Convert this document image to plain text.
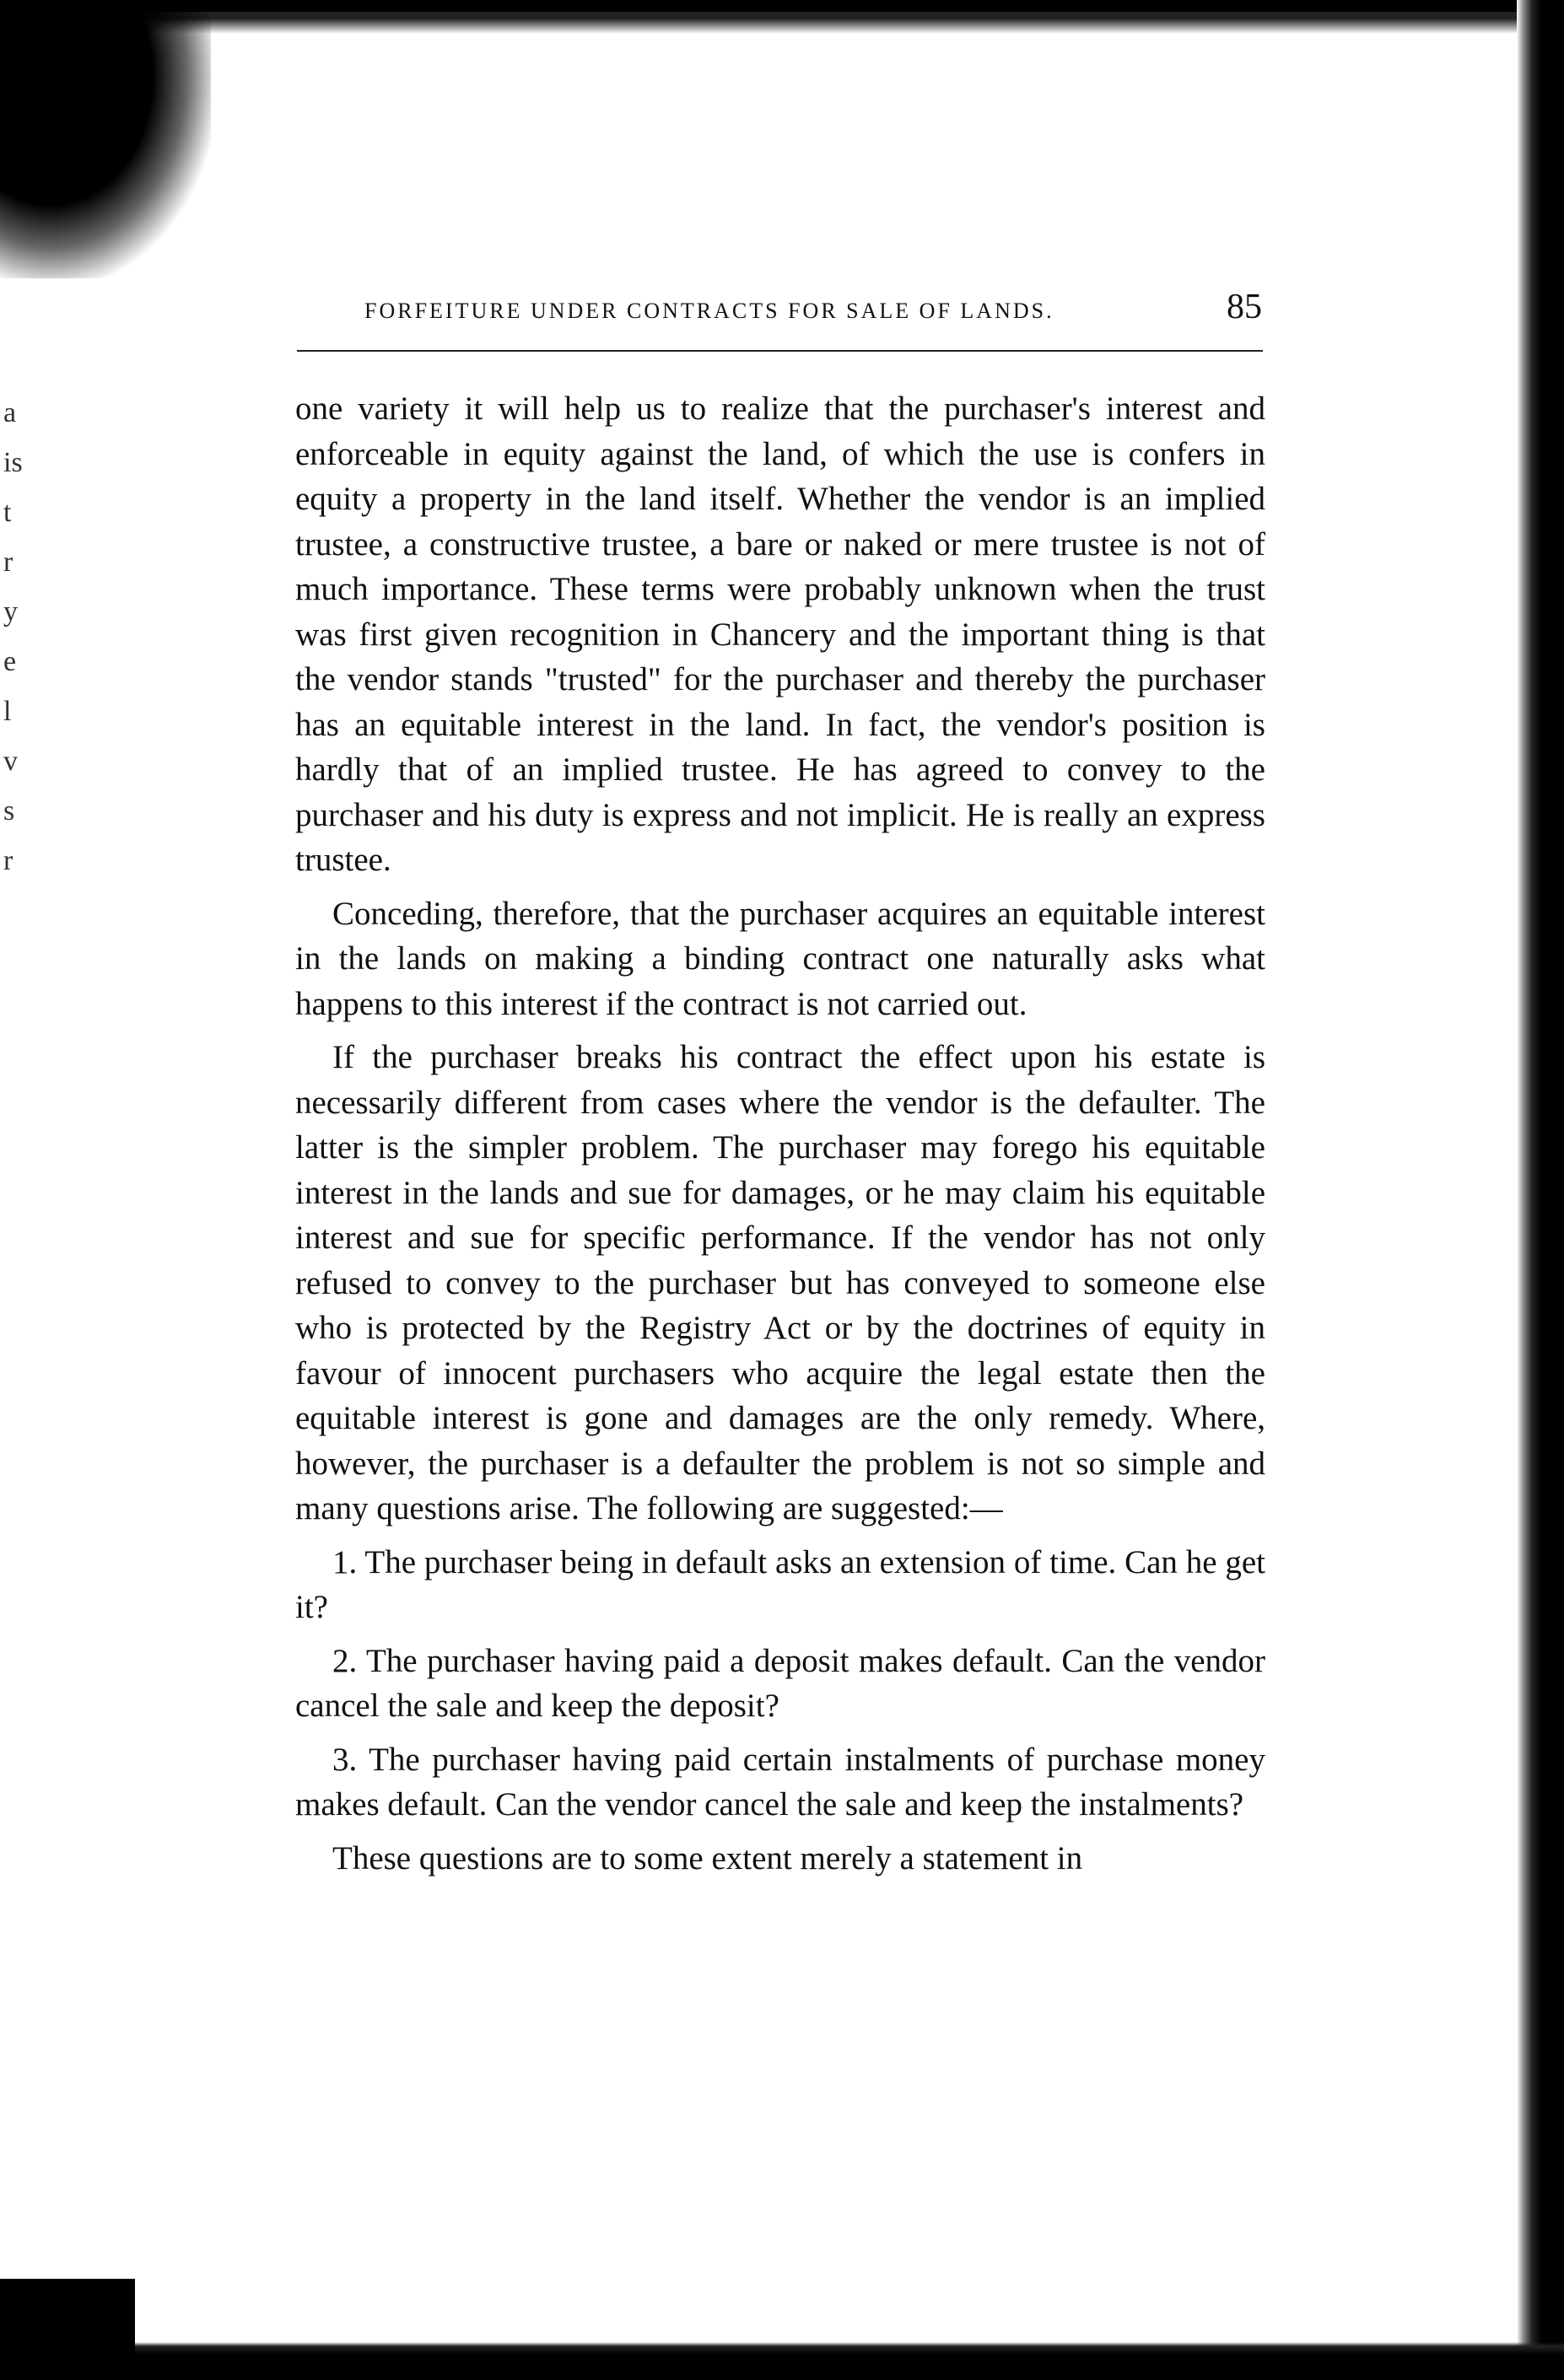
a
is
t
r
y
e
l
v
s
r
FORFEITURE UNDER CONTRACTS FOR SALE OF LANDS.	85

one variety it will help us to realize that the purchaser's interest and enforceable in equity against the land, of which the use is confers in equity a property in the land itself. Whether the vendor is an implied trustee, a constructive trustee, a bare or naked or mere trustee is not of much importance. These terms were probably unknown when the trust was first given recognition in Chancery and the important thing is that the vendor stands "trusted" for the purchaser and thereby the purchaser has an equitable interest in the land. In fact, the vendor's position is hardly that of an implied trustee. He has agreed to convey to the purchaser and his duty is express and not implicit. He is really an express trustee.

Conceding, therefore, that the purchaser acquires an equitable interest in the lands on making a binding contract one naturally asks what happens to this interest if the contract is not carried out.

If the purchaser breaks his contract the effect upon his estate is necessarily different from cases where the vendor is the defaulter. The latter is the simpler problem. The purchaser may forego his equitable interest in the lands and sue for damages, or he may claim his equitable interest and sue for specific performance. If the vendor has not only refused to convey to the purchaser but has conveyed to someone else who is protected by the Registry Act or by the doctrines of equity in favour of innocent purchasers who acquire the legal estate then the equitable interest is gone and damages are the only remedy. Where, however, the purchaser is a defaulter the problem is not so simple and many questions arise. The following are suggested:—

1. The purchaser being in default asks an extension of time. Can he get it?

2. The purchaser having paid a deposit makes default. Can the vendor cancel the sale and keep the deposit?

3. The purchaser having paid certain instalments of purchase money makes default. Can the vendor cancel the sale and keep the instalments?

These questions are to some extent merely a statement in
